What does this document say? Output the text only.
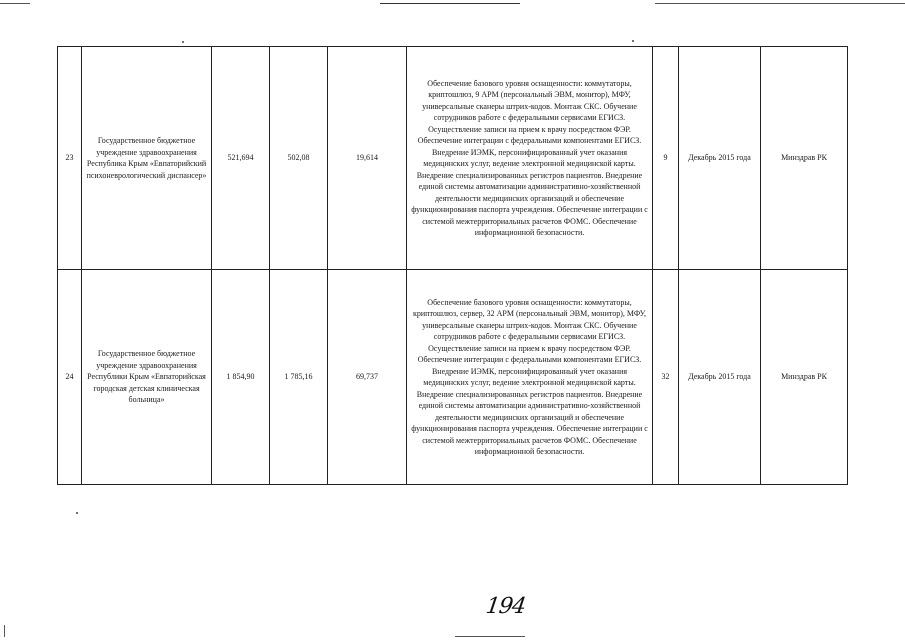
23	Государственное бюджетное учреждение здравоохранения Республика Крым «Евпаторийский психоневрологический диспансер»	521,694	502,08	19,614	Обеспечение базового уровня оснащенности: коммутаторы, криптошлюз, 9 АРМ (персональный ЭВМ, монитор), МФУ, универсальные сканеры штрих-кодов. Монтаж СКС. Обучение сотрудников работе с федеральными сервисами ЕГИСЗ. Осуществление записи на прием к врачу посредством ФЭР. Обеспечение интеграции с федеральными компонентами ЕГИСЗ. Внедрение ИЭМК, персонифицированный учет оказания медицинских услуг, ведение электронной медицинской карты. Внедрение специализированных регистров пациентов. Внедрение единой системы автоматизации административно-хозяйственной деятельности медицинских организаций и обеспечение функционирования паспорта учреждения. Обеспечение интеграции с системой межтерриториальных расчетов ФОМС. Обеспечение информационной безопасности.	9	Декабрь 2015 года	Минздрав РК
24	Государственное бюджетное учреждение здравоохранения Республики Крым «Евпаторийская городская детская клиническая больница»	1 854,90	1 785,16	69,737	Обеспечение базового уровня оснащенности: коммутаторы, криптошлюз, сервер, 32 АРМ (персональный ЭВМ, монитор), МФУ, универсальные сканеры штрих-кодов. Монтаж СКС. Обучение сотрудников работе с федеральными сервисами ЕГИСЗ. Осуществление записи на прием к врачу посредством ФЭР. Обеспечение интеграции с федеральными компонентами ЕГИСЗ. Внедрение ИЭМК, персонифицированный учет оказания медицинских услуг, ведение электронной медицинской карты. Внедрение специализированных регистров пациентов. Внедрение единой системы автоматизации административно-хозяйственной деятельности медицинских организаций и обеспечение функционирования паспорта учреждения. Обеспечение интеграции с системой межтерриториальных расчетов ФОМС. Обеспечение информационной безопасности.	32	Декабрь 2015 года	Минздрав РК
194
